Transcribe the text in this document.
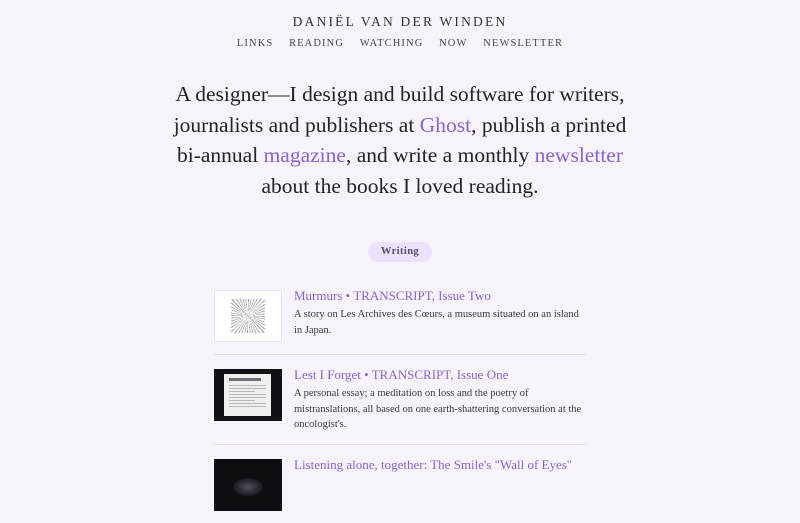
DANIËL VAN DER WINDEN
LINKS READING WATCHING NOW NEWSLETTER
A designer—I design and build software for writers, journalists and publishers at Ghost, publish a printed bi-annual magazine, and write a monthly newsletter about the books I loved reading.
Writing
Murmurs • TRANSCRIPT, Issue Two

A story on Les Archives des Cœurs, a museum situated on an island in Japan.

Lest I Forget • TRANSCRIPT, Issue One

A personal essay; a meditation on loss and the poetry of mistranslations, all based on one earth-shattering conversation at the oncologist's.

Listening alone, together: The Smile's "Wall of Eyes"
